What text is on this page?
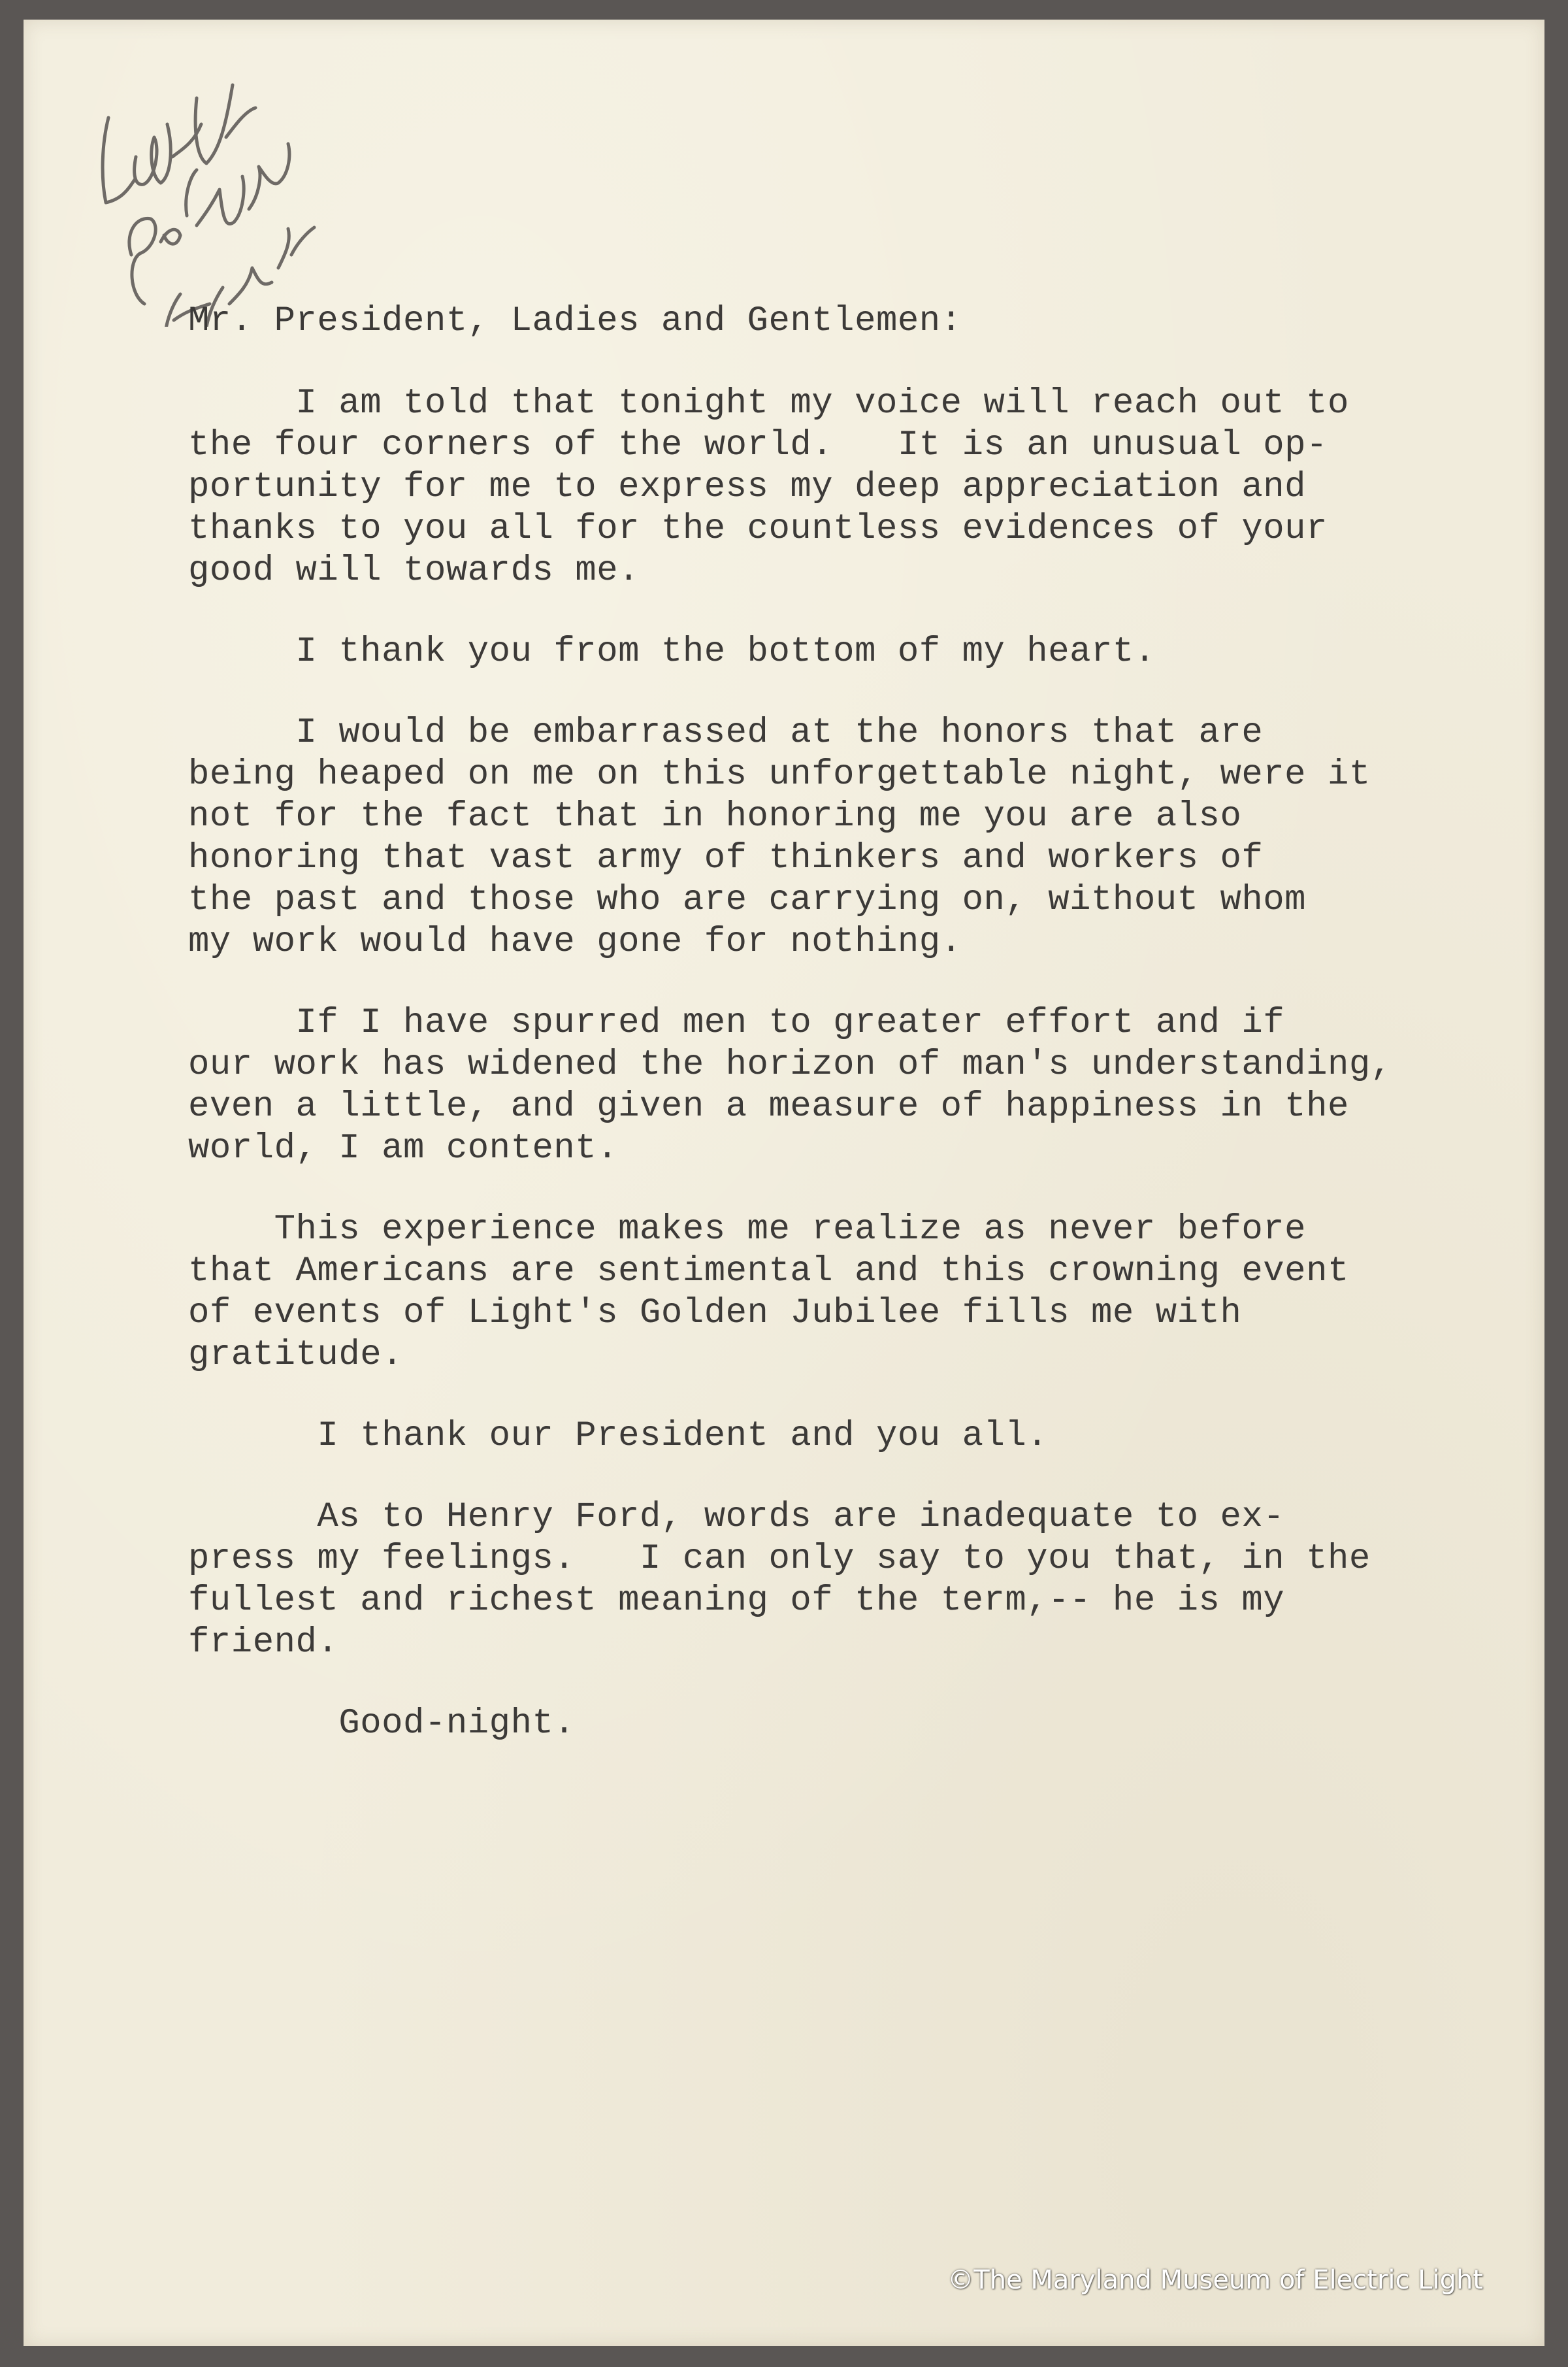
Mr. President, Ladies and Gentlemen:
I am told that tonight my voice will reach out to
the four corners of the world.   It is an unusual op-
portunity for me to express my deep appreciation and
thanks to you all for the countless evidences of your
good will towards me.
I thank you from the bottom of my heart.
I would be embarrassed at the honors that are
being heaped on me on this unforgettable night, were it
not for the fact that in honoring me you are also
honoring that vast army of thinkers and workers of
the past and those who are carrying on, without whom
my work would have gone for nothing.
If I have spurred men to greater effort and if
our work has widened the horizon of man's understanding,
even a little, and given a measure of happiness in the
world, I am content.
This experience makes me realize as never before
that Americans are sentimental and this crowning event
of events of Light's Golden Jubilee fills me with
gratitude.
I thank our President and you all.
As to Henry Ford, words are inadequate to ex-
press my feelings.   I can only say to you that, in the
fullest and richest meaning of the term,-- he is my
friend.
Good-night.
©The Maryland Museum of Electric Light
